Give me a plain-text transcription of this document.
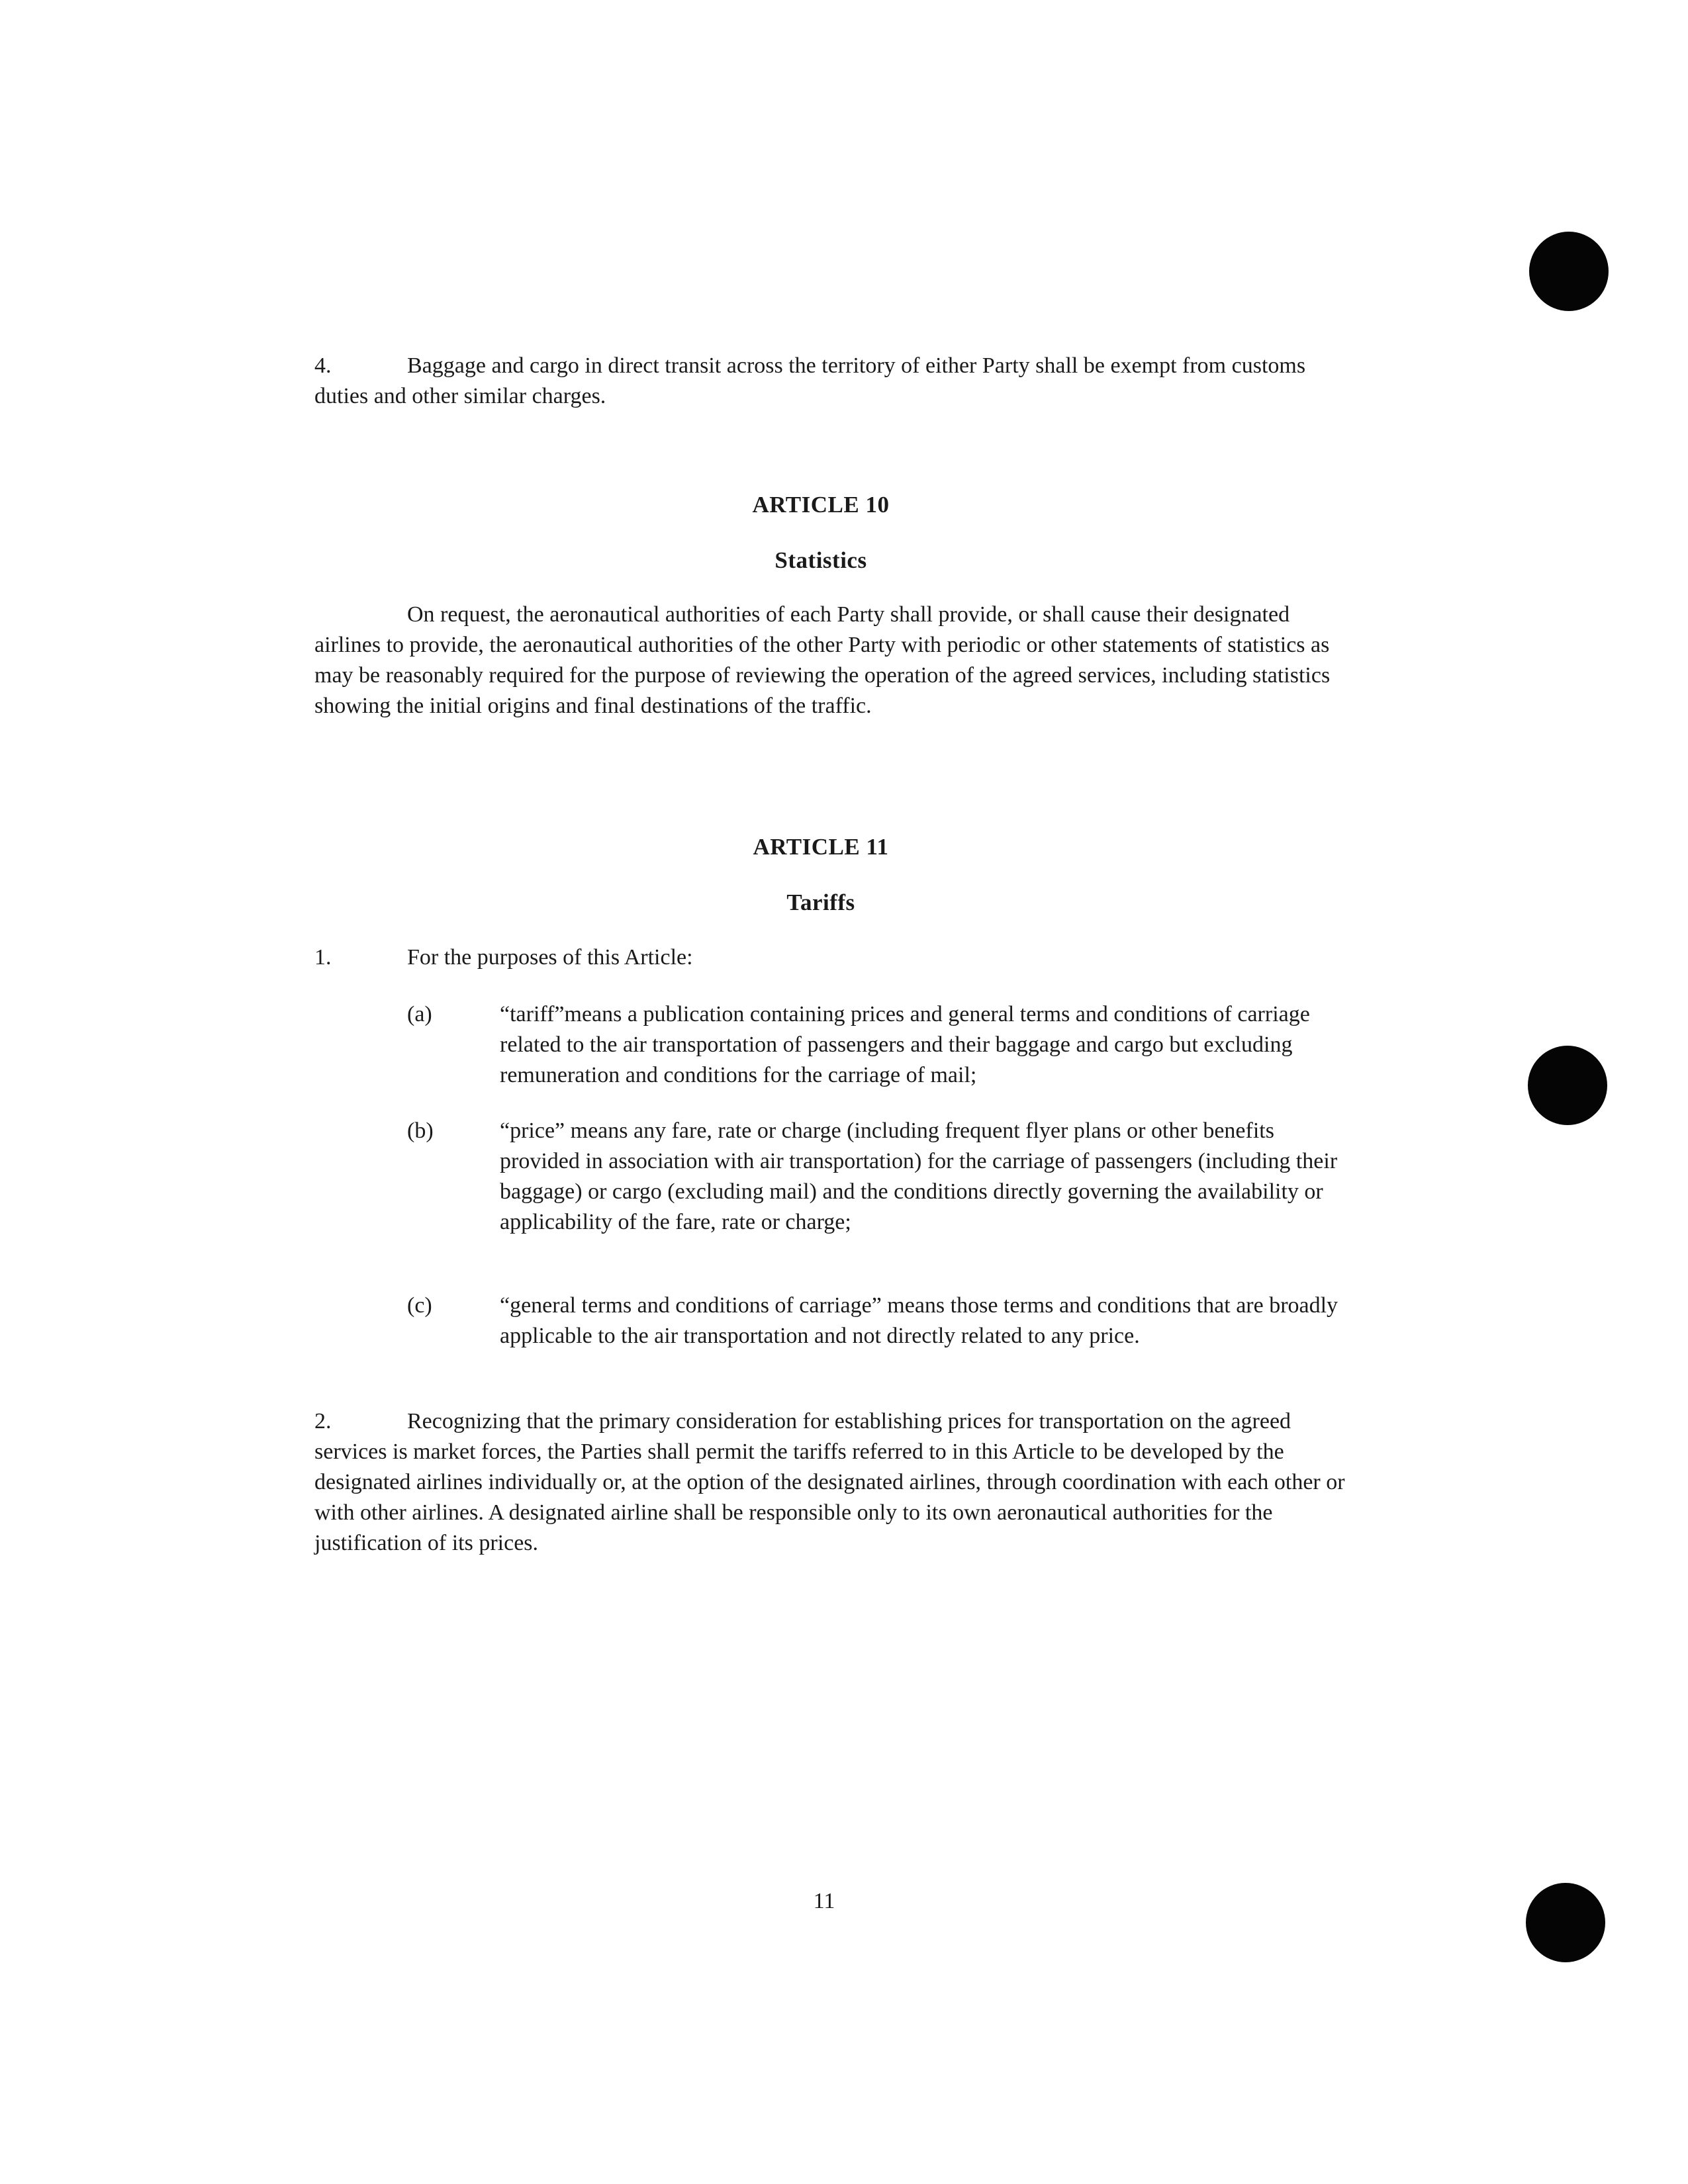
4.	Baggage and cargo in direct transit across the territory of either Party shall be exempt from customs duties and other similar charges.

ARTICLE 10
Statistics

On request, the aeronautical authorities of each Party shall provide, or shall cause their designated airlines to provide, the aeronautical authorities of the other Party with periodic or other statements of statistics as may be reasonably required for the purpose of reviewing the operation of the agreed services, including statistics showing the initial origins and final destinations of the traffic.

ARTICLE 11
Tariffs

1.	For the purposes of this Article:

(a)	“tariff”means a publication containing prices and general terms and conditions of carriage related to the air transportation of passengers and their baggage and cargo but excluding remuneration and conditions for the carriage of mail;
(b)	“price” means any fare, rate or charge (including frequent flyer plans or other benefits provided in association with air transportation) for the carriage of passengers (including their baggage) or cargo (excluding mail) and the conditions directly governing the availability or applicability of the fare, rate or charge;
(c)	“general terms and conditions of carriage” means those terms and conditions that are broadly applicable to the air transportation and not directly related to any price.

2.	Recognizing that the primary consideration for establishing prices for transportation on the agreed services is market forces, the Parties shall permit the tariffs referred to in this Article to be developed by the designated airlines individually or, at the option of the designated airlines, through coordination with each other or with other airlines. A designated airline shall be responsible only to its own aeronautical authorities for the justification of its prices.

11
